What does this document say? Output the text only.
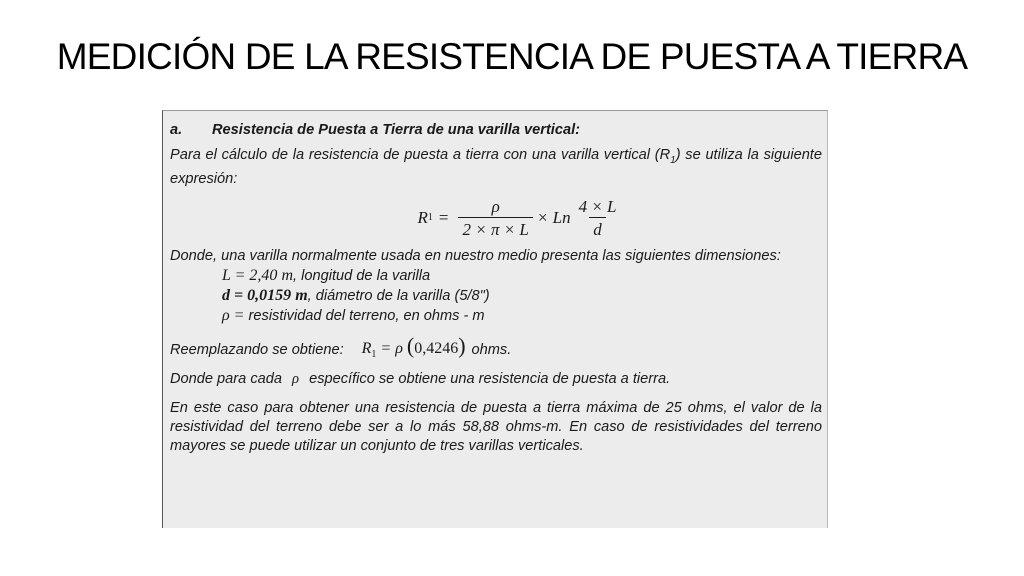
MEDICIÓN DE LA RESISTENCIA DE PUESTA A TIERRA
a.	Resistencia de Puesta a Tierra de una varilla vertical:
Para el cálculo de la resistencia de puesta a tierra con una varilla vertical $(R_1)$ se utiliza la siguiente expresión:
R $1 = \frac{\rho}{2 \times \pi \times L} \times Ln \frac{4 \times L}{d}$
Donde, una varilla normalmente usada en nuestro medio presenta las siguientes dimensiones:
L = 2,40
m , longitud de la varilla
d = 0,0159
m , diámetro de la varilla (5/8")
ρ =
resistividad del terreno, en ohms - m
Reemplazando se obtiene: $R_1 = \rho$ (0,4246) ohms.
Donde para cada ρ específico se obtiene una resistencia de puesta a tierra.
En este caso para obtener una resistencia de puesta a tierra máxima de 25 ohms, el valor de la resistividad del terreno debe ser a lo más 58,88 ohms-m. En caso de resistividades del terreno mayores se puede utilizar un conjunto de tres varillas verticales.
